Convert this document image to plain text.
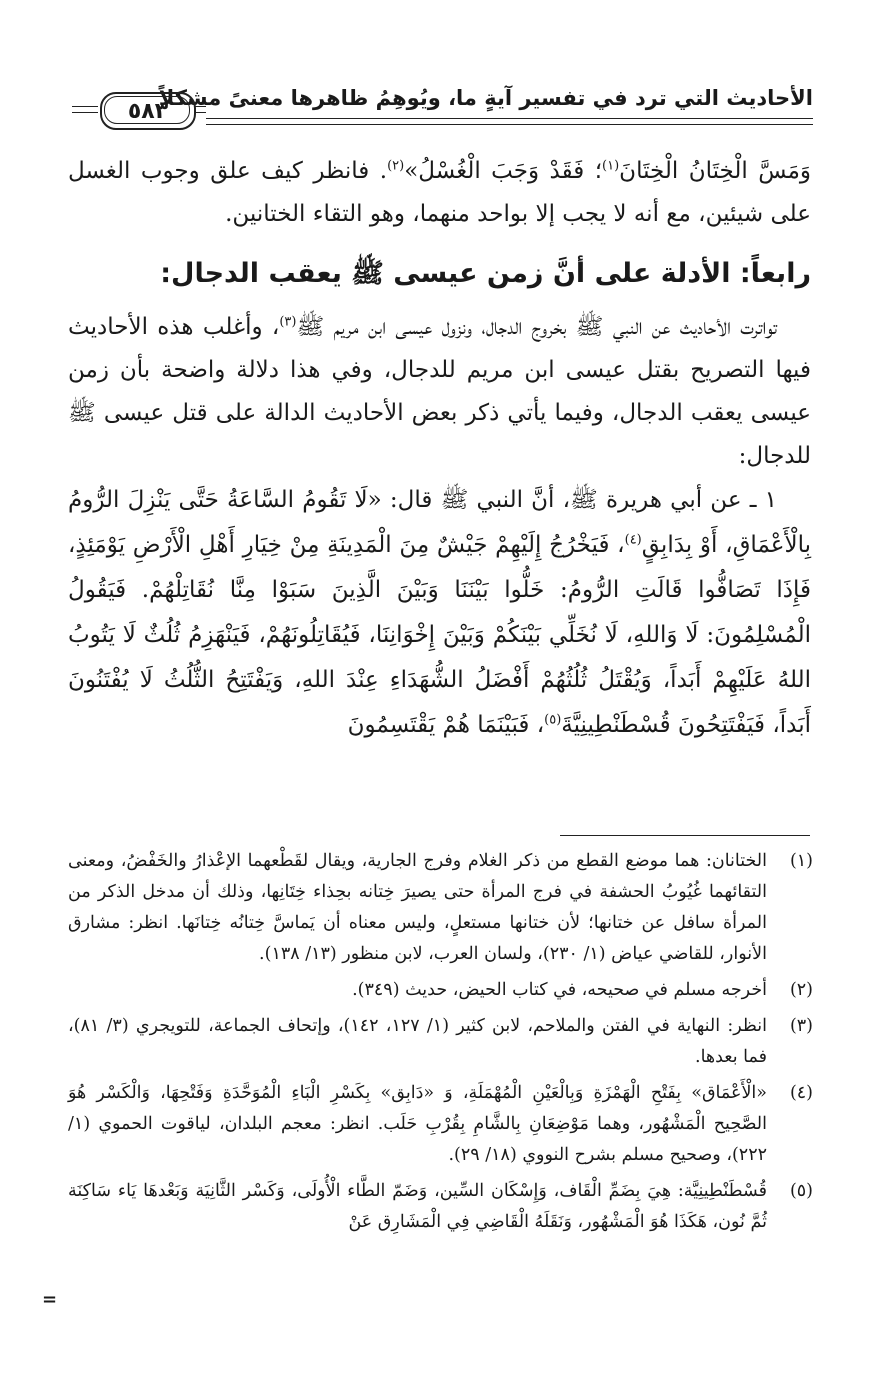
الأحاديث التي ترد في تفسير آيةٍ ما، ويُوهِمُ ظاهرها معنىً مشكلاً
٥٨٣

وَمَسَّ الْخِتَانُ الْخِتَانَ$^{(١)}$؛ فَقَدْ وَجَبَ الْغُسْلُ»$^{(٢)}$. فانظر كيف علق وجوب الغسل على شيئين، مع أنه لا يجب إلا بواحد منهما، وهو التقاء الختانين.

رابعاً: الأدلة على أنَّ زمن عيسى ﷺ يعقب الدجال:

تواترت الأحاديث عن النبي ﷺ بخروج الدجال، ونزول عيسى ابن مريم ﷺ$^{(٣)}$، وأغلب هذه الأحاديث فيها التصريح بقتل عيسى ابن مريم للدجال، وفي هذا دلالة واضحة بأن زمن عيسى يعقب الدجال، وفيما يأتي ذكر بعض الأحاديث الدالة على قتل عيسى ﷺ للدجال:

١ ـ عن أبي هريرة ﷺ، أنَّ النبي ﷺ قال: «لَا تَقُومُ السَّاعَةُ حَتَّى يَنْزِلَ الرُّومُ بِالْأَعْمَاقِ، أَوْ بِدَابِقٍ$^{(٤)}$، فَيَخْرُجُ إِلَيْهِمْ جَيْشٌ مِنَ الْمَدِينَةِ مِنْ خِيَارِ أَهْلِ الْأَرْضِ يَوْمَئِذٍ، فَإِذَا تَصَافُّوا قَالَتِ الرُّومُ: خَلُّوا بَيْنَنَا وَبَيْنَ الَّذِينَ سَبَوْا مِنَّا نُقَاتِلْهُمْ. فَيَقُولُ الْمُسْلِمُونَ: لَا وَاللهِ، لَا نُخَلِّي بَيْنَكُمْ وَبَيْنَ إِخْوَانِنَا، فَيُقَاتِلُونَهُمْ، فَيَنْهَزِمُ ثُلُثٌ لَا يَتُوبُ اللهُ عَلَيْهِمْ أَبَداً، وَيُقْتَلُ ثُلُثُهُمْ أَفْضَلُ الشُّهَدَاءِ عِنْدَ اللهِ، وَيَفْتَتِحُ الثُّلُثُ لَا يُفْتَنُونَ أَبَداً، فَيَفْتَتِحُونَ قُسْطَنْطِينِيَّةَ$^{(٥)}$، فَبَيْنَمَا هُمْ يَقْتَسِمُونَ

(١)
الختانان: هما موضع القطع من ذكر الغلام وفرج الجارية، ويقال لقَطْعهما الإعْذارُ والخَفْضُ، ومعنى التقائهما غُيُوبُ الحشفة في فرج المرأة حتى يصيرَ خِتانه بحِذاء خِتَانِها، وذلك أن مدخل الذكر من المرأة سافل عن ختانها؛ لأن ختانها مستعلٍ، وليس معناه أن يَماسَّ خِتانُه خِتانَها. انظر: مشارق الأنوار، للقاضي عياض (١/ ٢٣٠)، ولسان العرب، لابن منظور (١٣/ ١٣٨).
(٢)
أخرجه مسلم في صحيحه، في كتاب الحيض، حديث (٣٤٩).
(٣)
انظر: النهاية في الفتن والملاحم، لابن كثير (١/ ١٢٧، ١٤٢)، وإتحاف الجماعة، للتويجري (٣/ ٨١)، فما بعدها.
(٤)
«الْأَعْمَاق» بِفَتْحِ الْهَمْزَةِ وَبِالْعَيْنِ الْمُهْمَلَةِ، وَ «دَابِق» بِكَسْرِ الْبَاءِ الْمُوَحَّدَةِ وَفَتْحِهَا، وَالْكَسْر هُوَ الصَّحِيح الْمَشْهُور، وهما مَوْضِعَانِ بِالشَّامِ بِقُرْبِ حَلَب. انظر: معجم البلدان، لياقوت الحموي (١/ ٢٢٢)، وصحيح مسلم بشرح النووي (١٨/ ٢٩).
(٥)
قُسْطَنْطِينِيَّة: هِيَ بِضَمِّ الْقَاف، وَإِسْكَان السِّين، وَضَمّ الطَّاء الْأُولَى، وَكَسْر الثَّانِيَة وَبَعْدهَا يَاء سَاكِنَة ثُمَّ نُون، هَكَذَا هُوَ الْمَشْهُور، وَنَقَلَهُ الْقَاضِي فِي الْمَشَارِق عَنْ
=
